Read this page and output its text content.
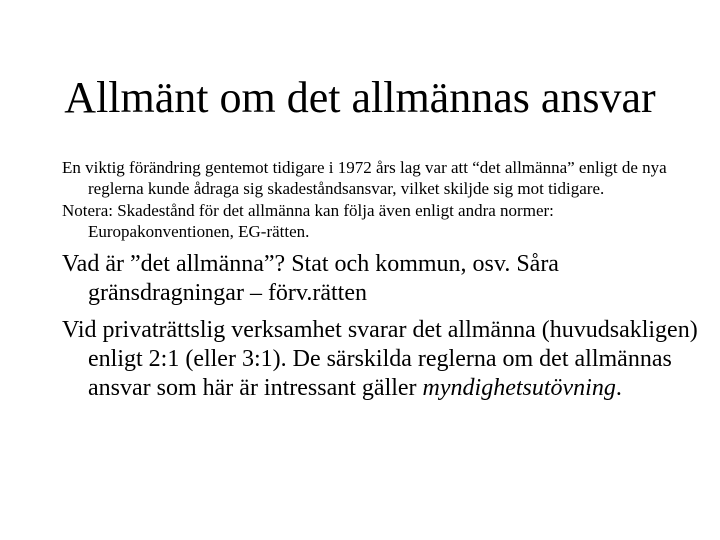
Allmänt om det allmännas ansvar

En viktig förändring gentemot tidigare i 1972 års lag var att “det allmänna” enligt de nya reglerna kunde ådraga sig skadeståndsansvar, vilket skiljde sig mot tidigare.

Notera: Skadestånd för det allmänna kan följa även enligt andra normer: Europakonventionen, EG-rätten.

Vad är ”det allmänna”? Stat och kommun, osv. Såra gränsdragningar – förv.rätten

Vid privaträttslig verksamhet svarar det allmänna (huvudsakligen) enligt 2:1 (eller 3:1). De särskilda reglerna om det allmännas ansvar som här är intressant gäller myndighetsutövning.
